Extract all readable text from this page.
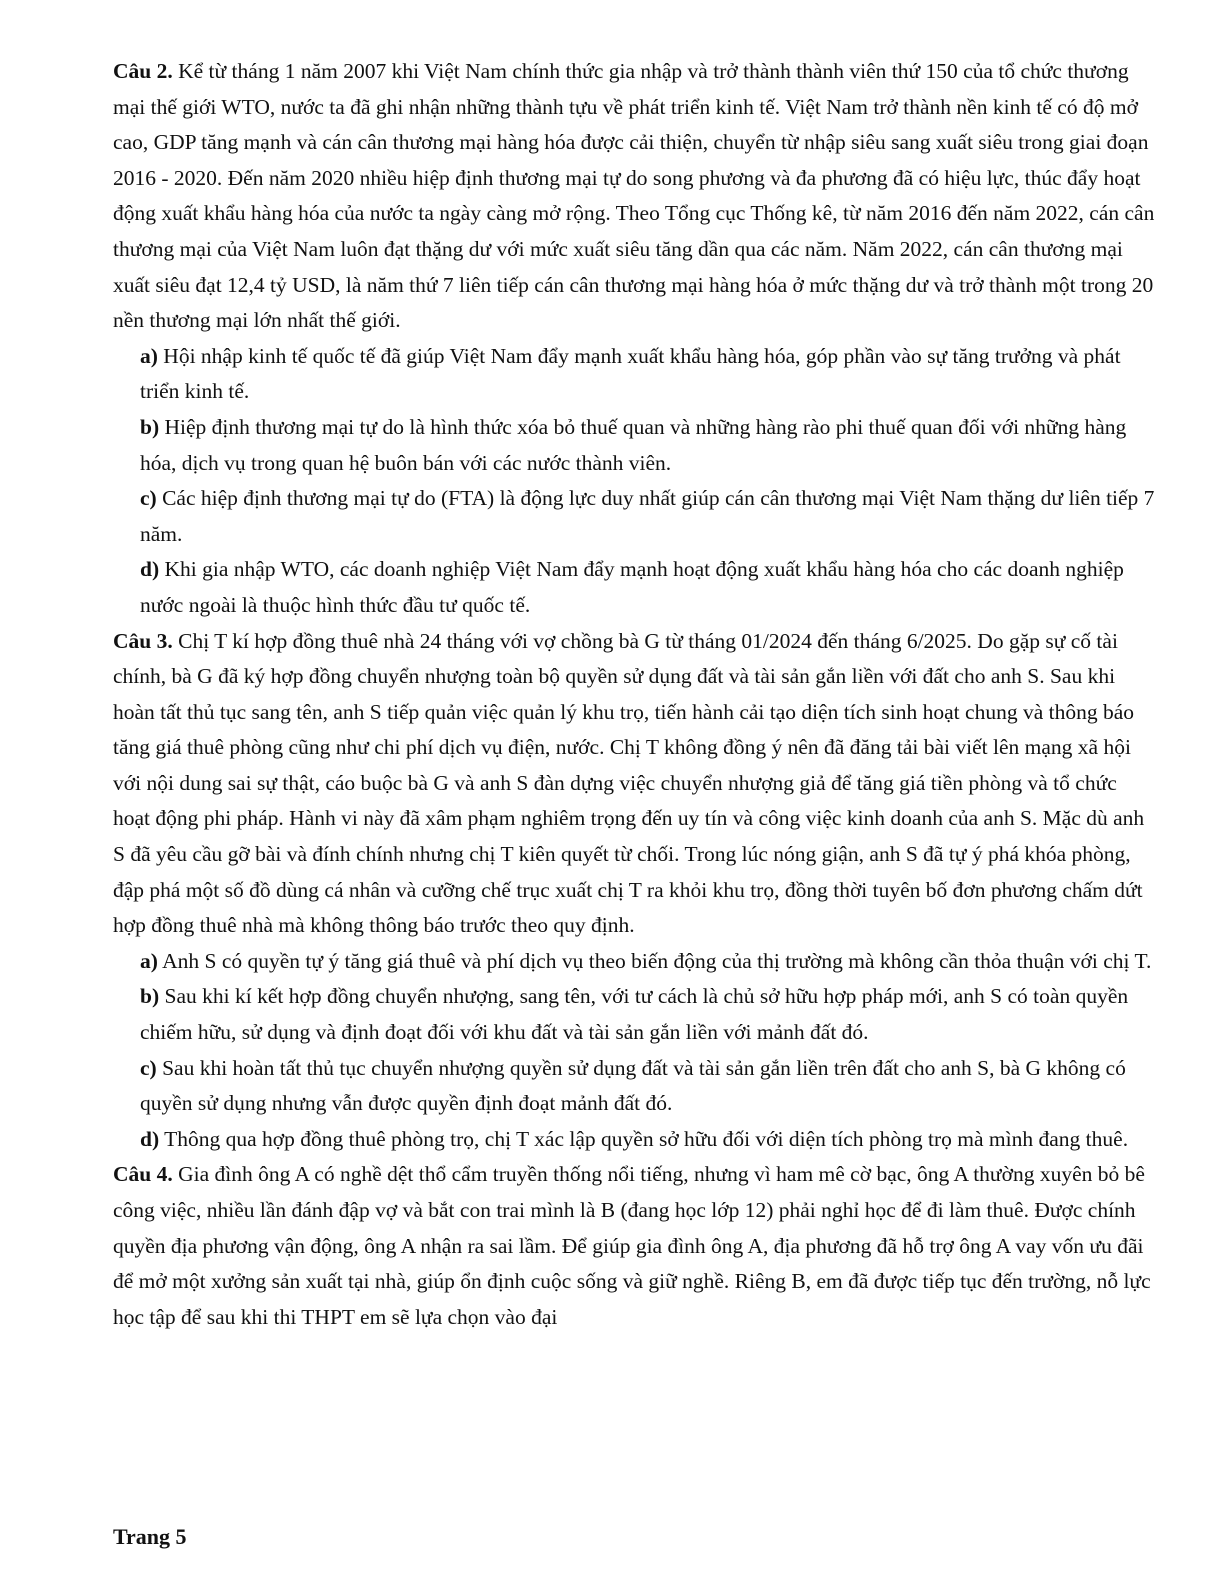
Câu 2. Kể từ tháng 1 năm 2007 khi Việt Nam chính thức gia nhập và trở thành thành viên thứ 150 của tổ chức thương mại thế giới WTO, nước ta đã ghi nhận những thành tựu về phát triển kinh tế. Việt Nam trở thành nền kinh tế có độ mở cao, GDP tăng mạnh và cán cân thương mại hàng hóa được cải thiện, chuyển từ nhập siêu sang xuất siêu trong giai đoạn 2016 - 2020. Đến năm 2020 nhiều hiệp định thương mại tự do song phương và đa phương đã có hiệu lực, thúc đẩy hoạt động xuất khẩu hàng hóa của nước ta ngày càng mở rộng. Theo Tổng cục Thống kê, từ năm 2016 đến năm 2022, cán cân thương mại của Việt Nam luôn đạt thặng dư với mức xuất siêu tăng dần qua các năm. Năm 2022, cán cân thương mại xuất siêu đạt 12,4 tỷ USD, là năm thứ 7 liên tiếp cán cân thương mại hàng hóa ở mức thặng dư và trở thành một trong 20 nền thương mại lớn nhất thế giới.

a) Hội nhập kinh tế quốc tế đã giúp Việt Nam đẩy mạnh xuất khẩu hàng hóa, góp phần vào sự tăng trưởng và phát triển kinh tế.

b) Hiệp định thương mại tự do là hình thức xóa bỏ thuế quan và những hàng rào phi thuế quan đối với những hàng hóa, dịch vụ trong quan hệ buôn bán với các nước thành viên.

c) Các hiệp định thương mại tự do (FTA) là động lực duy nhất giúp cán cân thương mại Việt Nam thặng dư liên tiếp 7 năm.

d) Khi gia nhập WTO, các doanh nghiệp Việt Nam đẩy mạnh hoạt động xuất khẩu hàng hóa cho các doanh nghiệp nước ngoài là thuộc hình thức đầu tư quốc tế.

Câu 3. Chị T kí hợp đồng thuê nhà 24 tháng với vợ chồng bà G từ tháng 01/2024 đến tháng 6/2025. Do gặp sự cố tài chính, bà G đã ký hợp đồng chuyển nhượng toàn bộ quyền sử dụng đất và tài sản gắn liền với đất cho anh S. Sau khi hoàn tất thủ tục sang tên, anh S tiếp quản việc quản lý khu trọ, tiến hành cải tạo diện tích sinh hoạt chung và thông báo tăng giá thuê phòng cũng như chi phí dịch vụ điện, nước. Chị T không đồng ý nên đã đăng tải bài viết lên mạng xã hội với nội dung sai sự thật, cáo buộc bà G và anh S đàn dựng việc chuyển nhượng giả để tăng giá tiền phòng và tổ chức hoạt động phi pháp. Hành vi này đã xâm phạm nghiêm trọng đến uy tín và công việc kinh doanh của anh S. Mặc dù anh S đã yêu cầu gỡ bài và đính chính nhưng chị T kiên quyết từ chối. Trong lúc nóng giận, anh S đã tự ý phá khóa phòng, đập phá một số đồ dùng cá nhân và cưỡng chế trục xuất chị T ra khỏi khu trọ, đồng thời tuyên bố đơn phương chấm dứt hợp đồng thuê nhà mà không thông báo trước theo quy định.

a) Anh S có quyền tự ý tăng giá thuê và phí dịch vụ theo biến động của thị trường mà không cần thỏa thuận với chị T.

b) Sau khi kí kết hợp đồng chuyển nhượng, sang tên, với tư cách là chủ sở hữu hợp pháp mới, anh S có toàn quyền chiếm hữu, sử dụng và định đoạt đối với khu đất và tài sản gắn liền với mảnh đất đó.

c) Sau khi hoàn tất thủ tục chuyển nhượng quyền sử dụng đất và tài sản gắn liền trên đất cho anh S, bà G không có quyền sử dụng nhưng vẫn được quyền định đoạt mảnh đất đó.

d) Thông qua hợp đồng thuê phòng trọ, chị T xác lập quyền sở hữu đối với diện tích phòng trọ mà mình đang thuê.

Câu 4. Gia đình ông A có nghề dệt thổ cẩm truyền thống nổi tiếng, nhưng vì ham mê cờ bạc, ông A thường xuyên bỏ bê công việc, nhiều lần đánh đập vợ và bắt con trai mình là B (đang học lớp 12) phải nghỉ học để đi làm thuê. Được chính quyền địa phương vận động, ông A nhận ra sai lầm. Để giúp gia đình ông A, địa phương đã hỗ trợ ông A vay vốn ưu đãi để mở một xưởng sản xuất tại nhà, giúp ổn định cuộc sống và giữ nghề. Riêng B, em đã được tiếp tục đến trường, nỗ lực học tập để sau khi thi THPT em sẽ lựa chọn vào đại

Trang 5
